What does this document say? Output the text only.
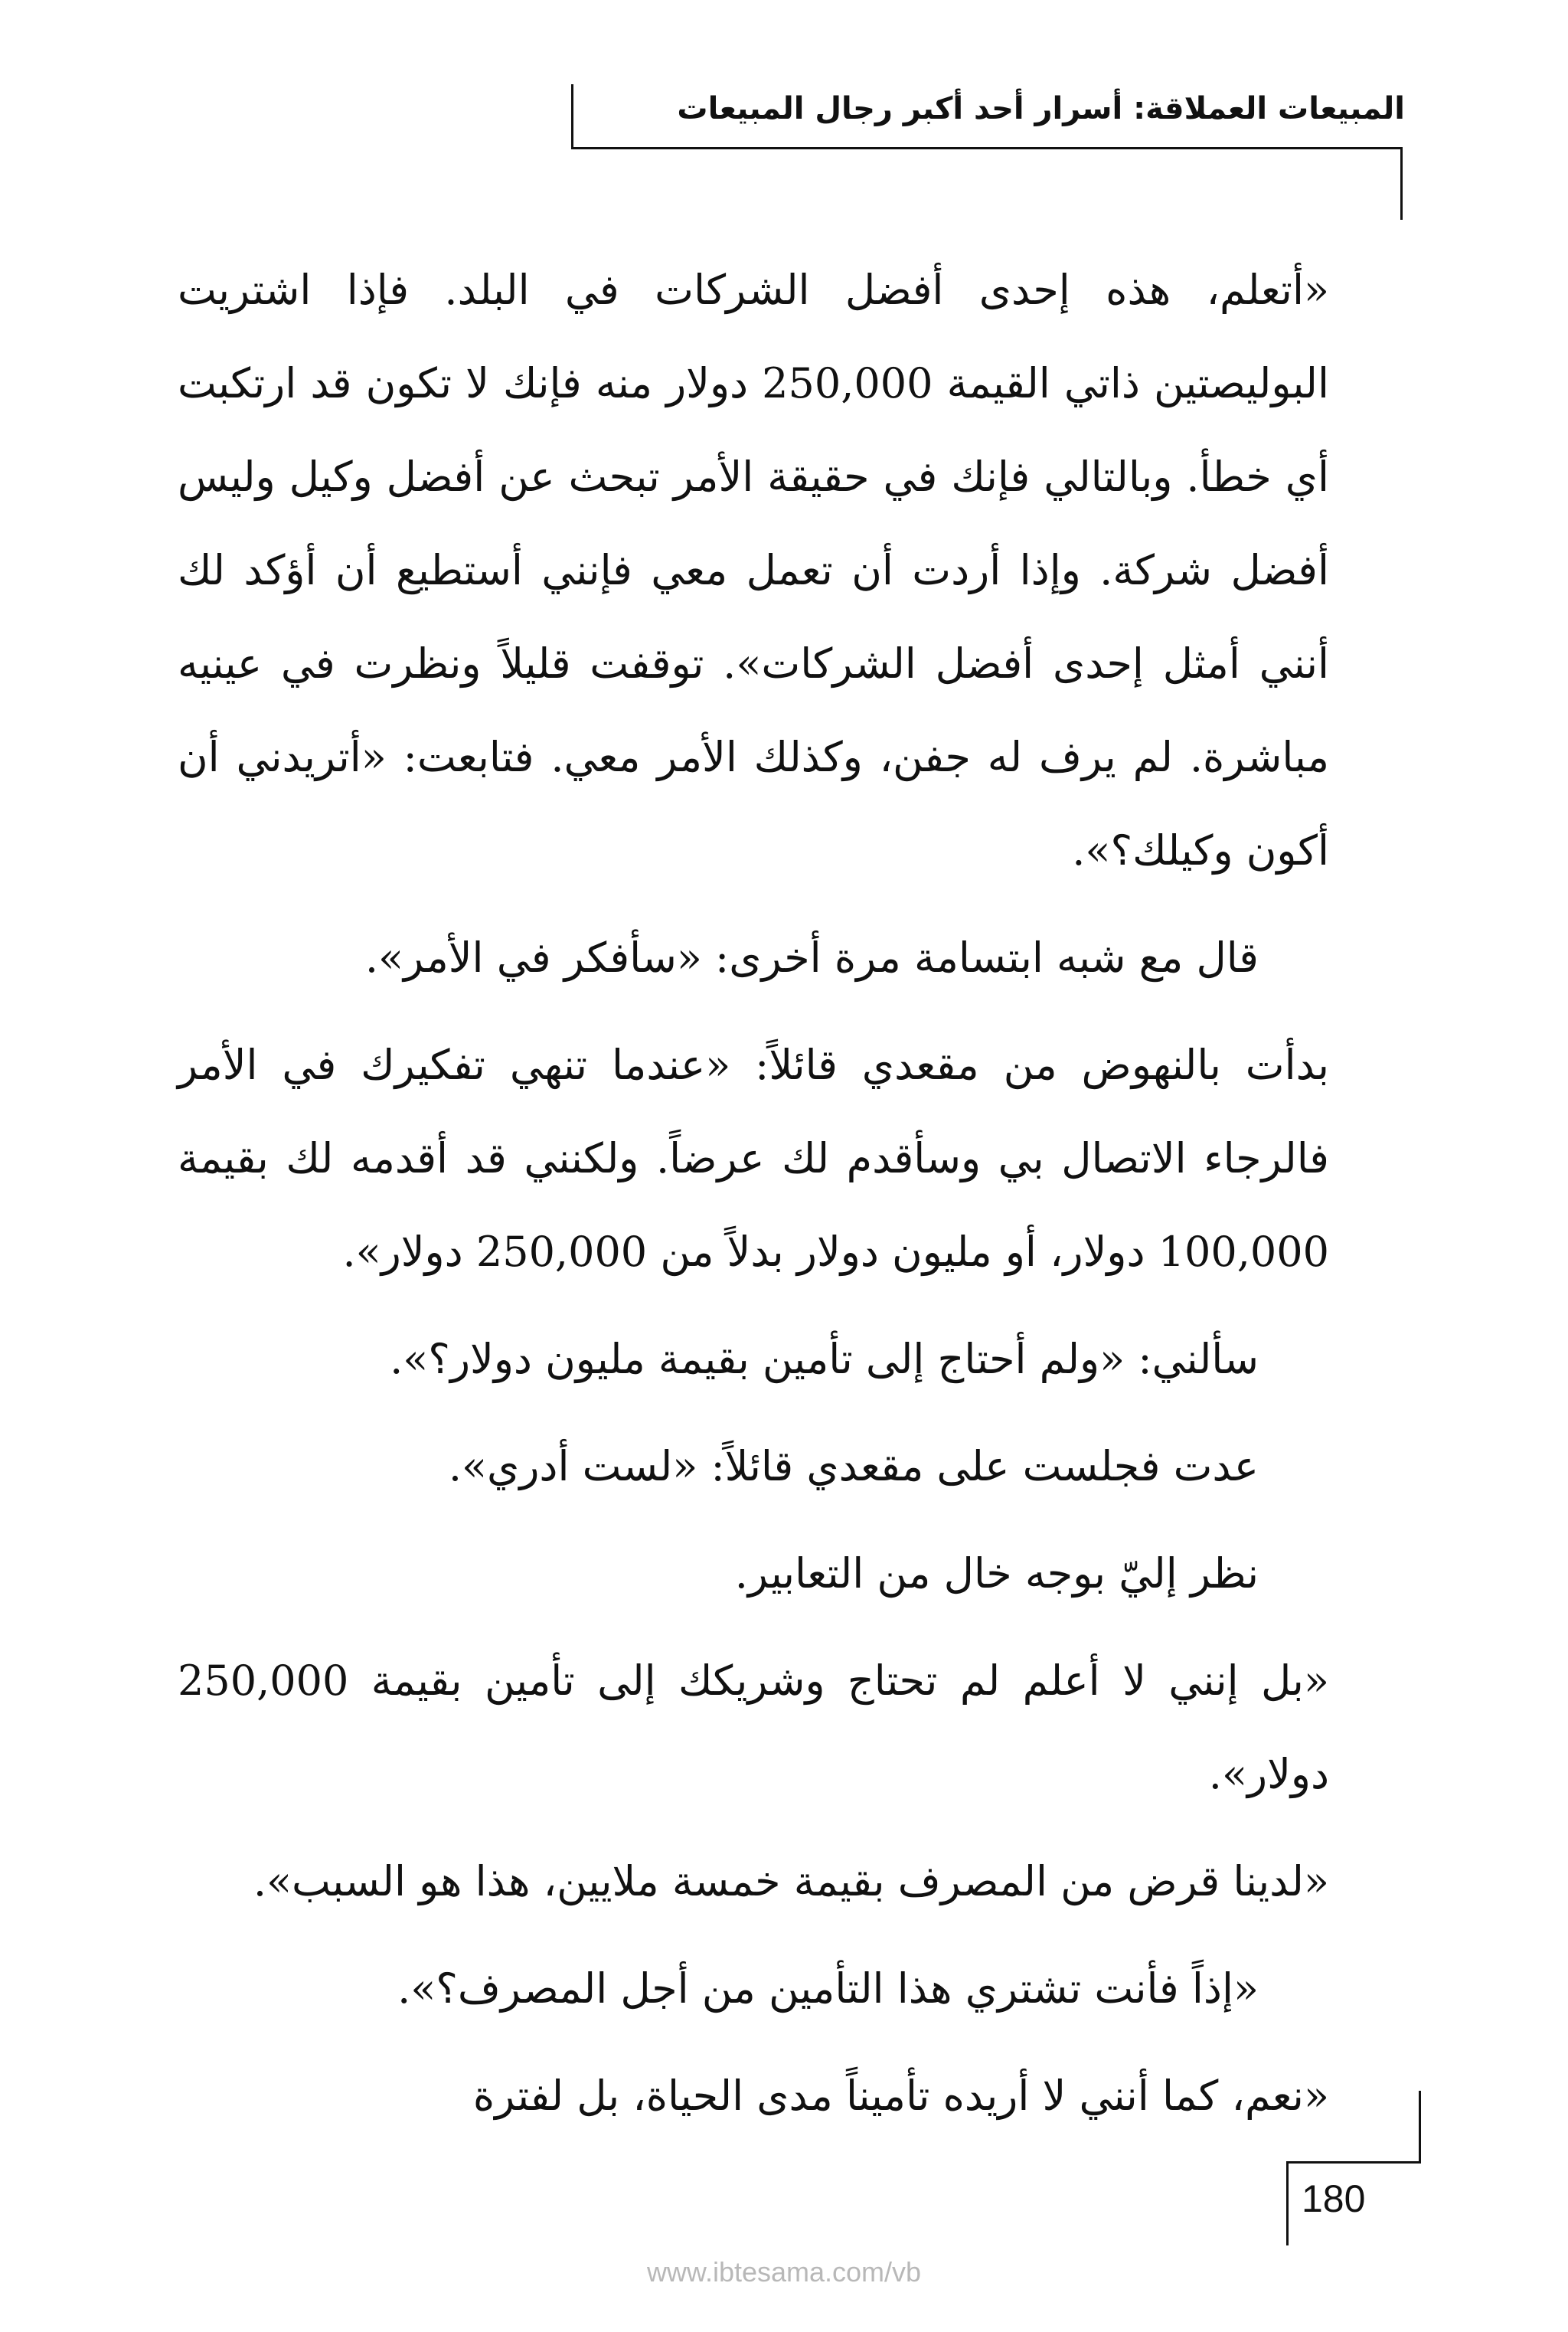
المبيعات العملاقة: أسرار أحد أكبر رجال المبيعات

«أتعلم، هذه إحدى أفضل الشركات في البلد. فإذا اشتريت البوليصتين ذاتي القيمة 250,000 دولار منه فإنك لا تكون قد ارتكبت أي خطأ. وبالتالي فإنك في حقيقة الأمر تبحث عن أفضل وكيل وليس أفضل شركة. وإذا أردت أن تعمل معي فإنني أستطيع أن أؤكد لك أنني أمثل إحدى أفضل الشركات». توقفت قليلاً ونظرت في عينيه مباشرة. لم يرف له جفن، وكذلك الأمر معي. فتابعت: «أتريدني أن أكون وكيلك؟».

قال مع شبه ابتسامة مرة أخرى: «سأفكر في الأمر».

بدأت بالنهوض من مقعدي قائلاً: «عندما تنهي تفكيرك في الأمر فالرجاء الاتصال بي وسأقدم لك عرضاً. ولكنني قد أقدمه لك بقيمة 100,000 دولار، أو مليون دولار بدلاً من 250,000 دولار».

سألني: «ولم أحتاج إلى تأمين بقيمة مليون دولار؟».

عدت فجلست على مقعدي قائلاً: «لست أدري».

نظر إليّ بوجه خال من التعابير.

«بل إنني لا أعلم لم تحتاج وشريكك إلى تأمين بقيمة 250,000 دولار».

«لدينا قرض من المصرف بقيمة خمسة ملايين، هذا هو السبب».

«إذاً فأنت تشتري هذا التأمين من أجل المصرف؟».

«نعم، كما أنني لا أريده تأميناً مدى الحياة، بل لفترة

180
www.ibtesama.com/vb
